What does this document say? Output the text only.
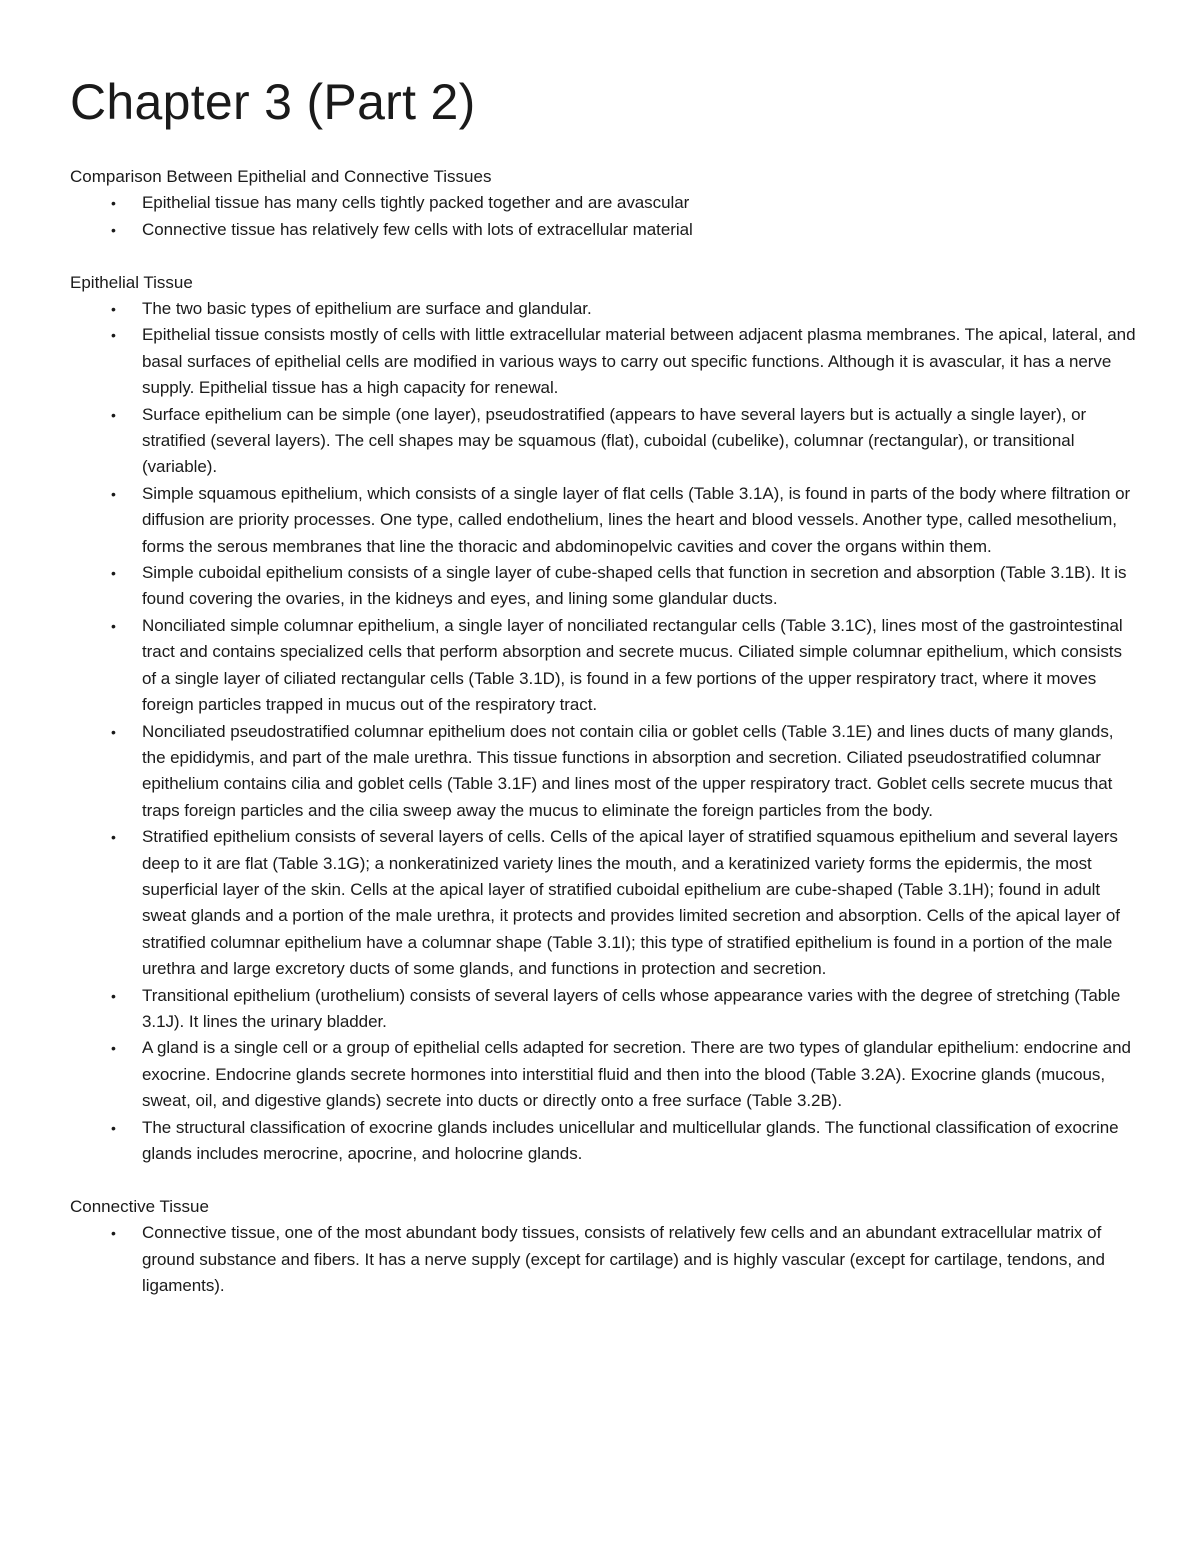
Chapter 3 (Part 2)

Comparison Between Epithelial and Connective Tissues

• Epithelial tissue has many cells tightly packed together and are avascular
• Connective tissue has relatively few cells with lots of extracellular material

Epithelial Tissue

• The two basic types of epithelium are surface and glandular.
• Epithelial tissue consists mostly of cells with little extracellular material between adjacent plasma membranes. The apical, lateral, and basal surfaces of epithelial cells are modified in various ways to carry out specific functions. Although it is avascular, it has a nerve supply. Epithelial tissue has a high capacity for renewal.
• Surface epithelium can be simple (one layer), pseudostratified (appears to have several layers but is actually a single layer), or stratified (several layers). The cell shapes may be squamous (flat), cuboidal (cubelike), columnar (rectangular), or transitional (variable).
• Simple squamous epithelium, which consists of a single layer of flat cells (Table 3.1A), is found in parts of the body where filtration or diffusion are priority processes. One type, called endothelium, lines the heart and blood vessels. Another type, called mesothelium, forms the serous membranes that line the thoracic and abdominopelvic cavities and cover the organs within them.
• Simple cuboidal epithelium consists of a single layer of cube-shaped cells that function in secretion and absorption (Table 3.1B). It is found covering the ovaries, in the kidneys and eyes, and lining some glandular ducts.
• Nonciliated simple columnar epithelium, a single layer of nonciliated rectangular cells (Table 3.1C), lines most of the gastrointestinal tract and contains specialized cells that perform absorption and secrete mucus. Ciliated simple columnar epithelium, which consists of a single layer of ciliated rectangular cells (Table 3.1D), is found in a few portions of the upper respiratory tract, where it moves foreign particles trapped in mucus out of the respiratory tract.
• Nonciliated pseudostratified columnar epithelium does not contain cilia or goblet cells (Table 3.1E) and lines ducts of many glands, the epididymis, and part of the male urethra. This tissue functions in absorption and secretion. Ciliated pseudostratified columnar epithelium contains cilia and goblet cells (Table 3.1F) and lines most of the upper respiratory tract. Goblet cells secrete mucus that traps foreign particles and the cilia sweep away the mucus to eliminate the foreign particles from the body.
• Stratified epithelium consists of several layers of cells. Cells of the apical layer of stratified squamous epithelium and several layers deep to it are flat (Table 3.1G); a nonkeratinized variety lines the mouth, and a keratinized variety forms the epidermis, the most superficial layer of the skin. Cells at the apical layer of stratified cuboidal epithelium are cube-shaped (Table 3.1H); found in adult sweat glands and a portion of the male urethra, it protects and provides limited secretion and absorption. Cells of the apical layer of stratified columnar epithelium have a columnar shape (Table 3.1I); this type of stratified epithelium is found in a portion of the male urethra and large excretory ducts of some glands, and functions in protection and secretion.
• Transitional epithelium (urothelium) consists of several layers of cells whose appearance varies with the degree of stretching (Table 3.1J). It lines the urinary bladder.
• A gland is a single cell or a group of epithelial cells adapted for secretion. There are two types of glandular epithelium: endocrine and exocrine. Endocrine glands secrete hormones into interstitial fluid and then into the blood (Table 3.2A). Exocrine glands (mucous, sweat, oil, and digestive glands) secrete into ducts or directly onto a free surface (Table 3.2B).
• The structural classification of exocrine glands includes unicellular and multicellular glands. The functional classification of exocrine glands includes merocrine, apocrine, and holocrine glands.

Connective Tissue

• Connective tissue, one of the most abundant body tissues, consists of relatively few cells and an abundant extracellular matrix of ground substance and fibers. It has a nerve supply (except for cartilage) and is highly vascular (except for cartilage, tendons, and ligaments).
